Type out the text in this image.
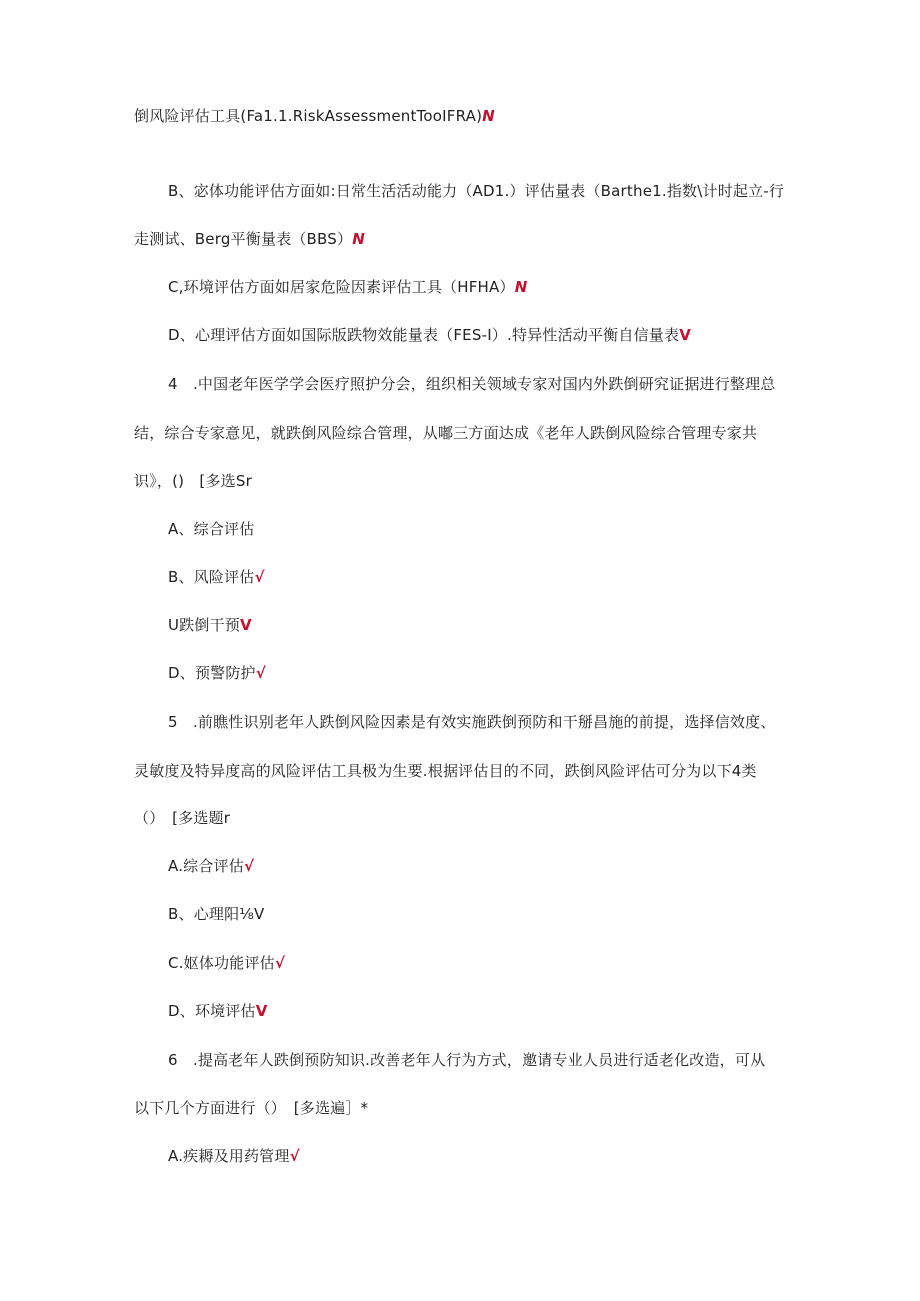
倒风险评估工具(Fa1.1.RiskAssessmentTooIFRA)N
B、宓体功能评估方面如:日常生活活动能力（AD1.）评估量表（Barthe1.指数\计时起立-行
走测试、Berg平衡量表（BBS）N
C,环境评估方面如居家危险因素评估工具（HFHA）N
D、心理评估方面如国际版跌物效能量表（FES-I）.特异性活动平衡自信量表V
4　.中国老年医学学会医疗照护分会，组织相关领域专家对国内外跌倒研究证据进行整理总
结，综合专家意见，就跌倒风险综合管理，从嘟三方面达成《老年人跌倒风险综合管理专家共
识》，()　[多选Sr
A、综合评估
B、风险评估√
U跌倒干预V
D、预警防护√
5　.前瞧性识别老年人跌倒风险因素是有效实施跌倒预防和干掰昌施的前提，选择信效度、
灵敏度及特异度高的风险评估工具极为生要.根据评估目的不同，跌倒风险评估可分为以下4类
（）　[多选题r
A.综合评估√
B、心理阳⅛V
C.妪体功能评估√
D、环境评估V
6　.提高老年人跌倒预防知识.改善老年人行为方式，邀请专业人员进行适老化改造，可从
以下几个方面进行（）　[多选遍］*
A.疾耨及用药管理√
